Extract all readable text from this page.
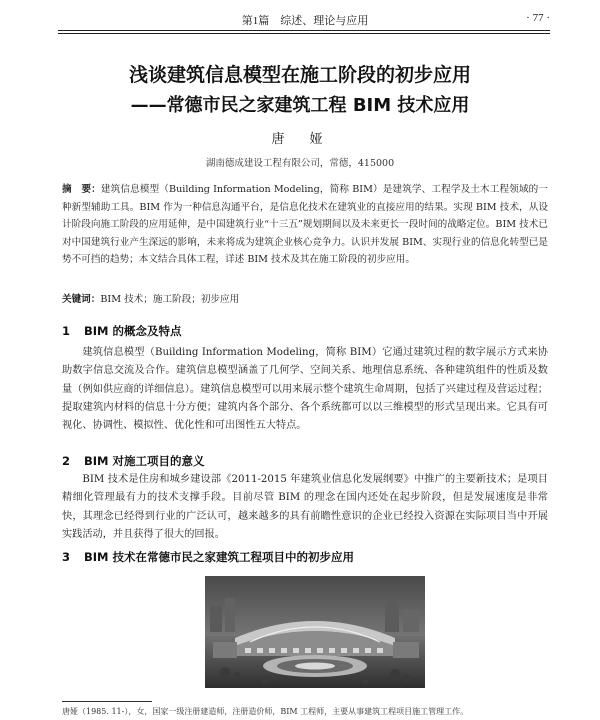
第1篇　综述、理论与应用	· 77 ·
浅谈建筑信息模型在施工阶段的初步应用
——常德市民之家建筑工程 BIM 技术应用
唐　娅
湖南德成建设工程有限公司，常德，415000
摘　要：建筑信息模型（Building Information Modeling，简称 BIM）是建筑学、工程学及土木工程领域的一种新型辅助工具。BIM 作为一种信息沟通平台，是信息化技术在建筑业的直接应用的结果。实现 BIM 技术，从设计阶段向施工阶段的应用延伸，是中国建筑行业“十三五”规划期间以及未来更长一段时间的战略定位。BIM 技术已对中国建筑行业产生深远的影响，未来将成为建筑企业核心竞争力。认识并发展 BIM、实现行业的信息化转型已是势不可挡的趋势；本文结合具体工程，详述 BIM 技术及其在施工阶段的初步应用。
关键词：BIM 技术；施工阶段；初步应用
1 BIM 的概念及特点
建筑信息模型（Building Information Modeling，简称 BIM）它通过建筑过程的数字展示方式来协助数字信息交流及合作。建筑信息模型涵盖了几何学、空间关系、地理信息系统、各种建筑组件的性质及数量（例如供应商的详细信息）。建筑信息模型可以用来展示整个建筑生命周期，包括了兴建过程及营运过程；提取建筑内材料的信息十分方便；建筑内各个部分、各个系统都可以以三维模型的形式呈现出来。它具有可视化、协调性、模拟性、优化性和可出图性五大特点。
2 BIM 对施工项目的意义
BIM 技术是住房和城乡建设部《2011-2015 年建筑业信息化发展纲要》中推广的主要新技术；是项目精细化管理最有力的技术支撑手段。目前尽管 BIM 的理念在国内还处在起步阶段，但是发展速度是非常快，其理念已经得到行业的广泛认可，越来越多的具有前瞻性意识的企业已经投入资源在实际项目当中开展实践活动，并且获得了很大的回报。
3 BIM 技术在常德市民之家建筑工程项目中的初步应用
唐娅（1985. 11-），女，国家一级注册建造师，注册造价师，BIM 工程师，主要从事建筑工程项目施工管理工作。
